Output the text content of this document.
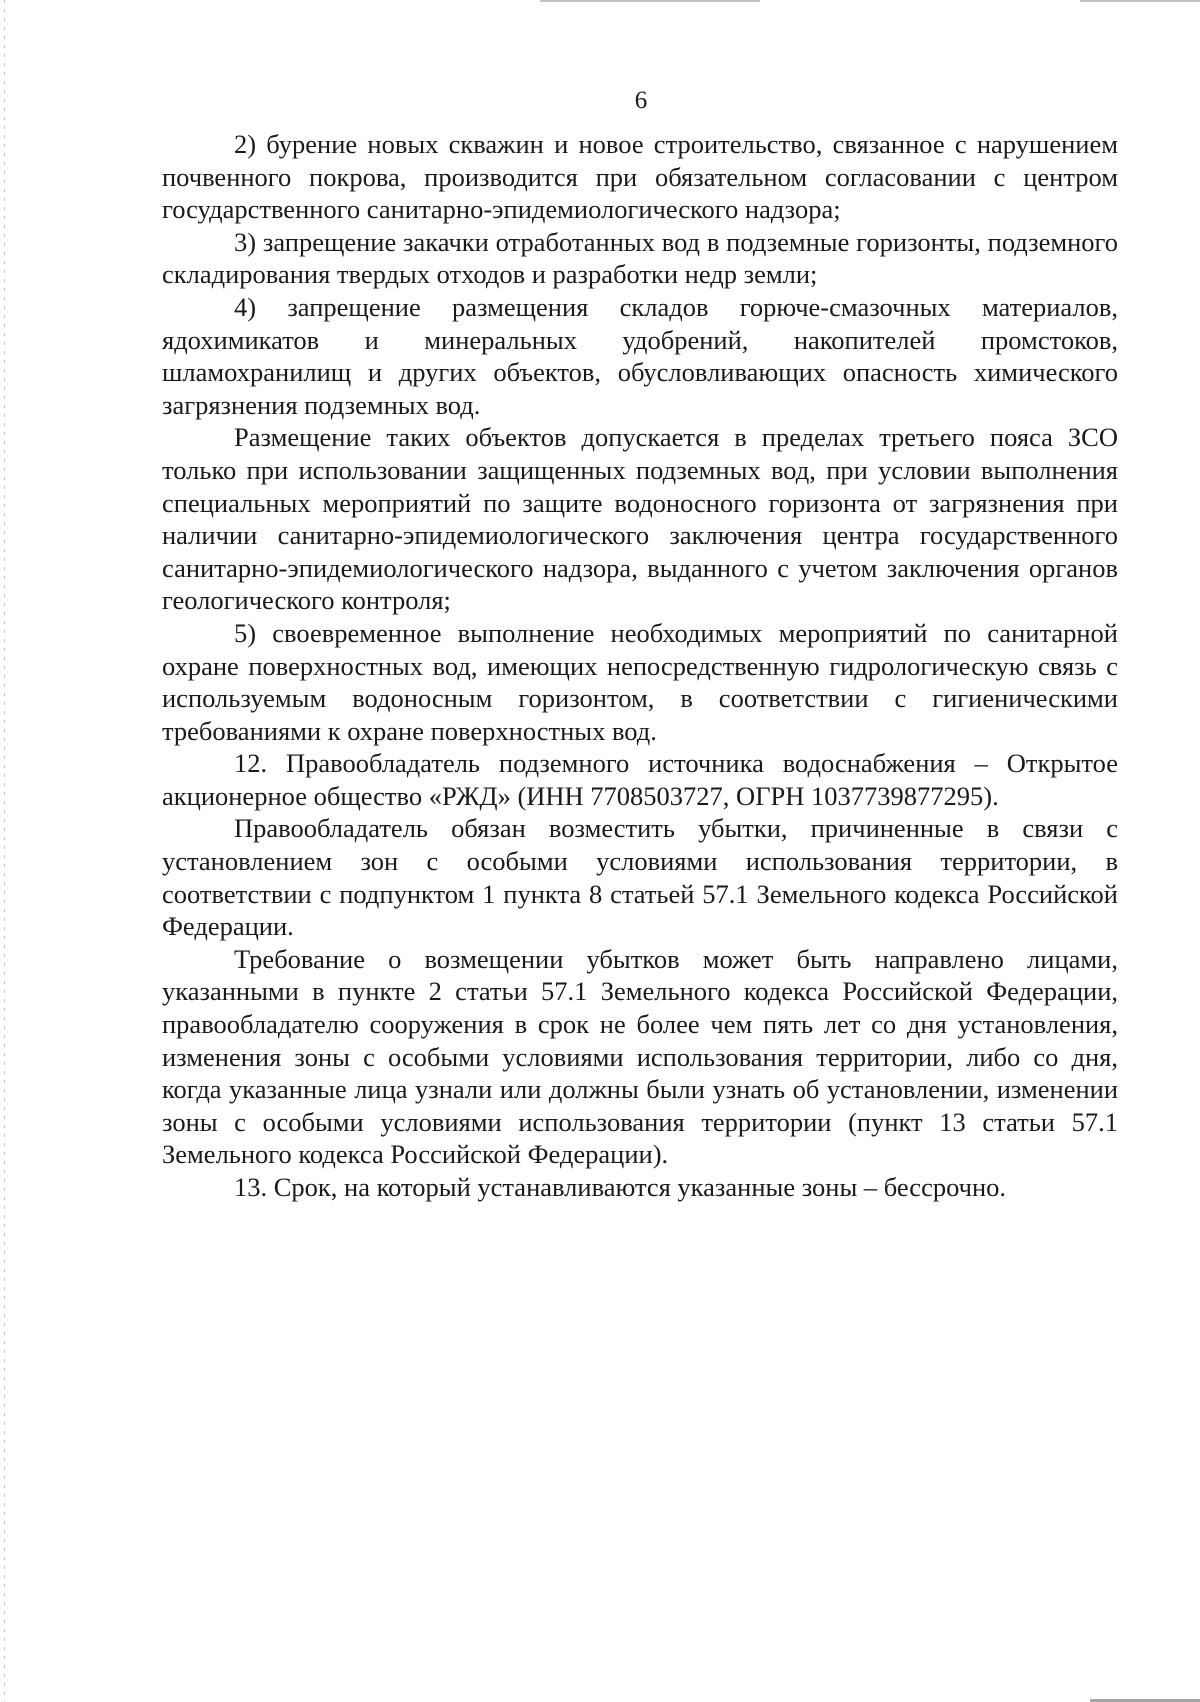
6

2) бурение новых скважин и новое строительство, связанное с нарушением почвенного покрова, производится при обязательном согласовании с центром государственного санитарно-эпидемиологического надзора;

3) запрещение закачки отработанных вод в подземные горизонты, подземного складирования твердых отходов и разработки недр земли;

4) запрещение размещения складов горюче-смазочных материалов, ядохимикатов и минеральных удобрений, накопителей промстоков, шламохранилищ и других объектов, обусловливающих опасность химического загрязнения подземных вод.

Размещение таких объектов допускается в пределах третьего пояса ЗСО только при использовании защищенных подземных вод, при условии выполнения специальных мероприятий по защите водоносного горизонта от загрязнения при наличии санитарно-эпидемиологического заключения центра государственного санитарно-эпидемиологического надзора, выданного с учетом заключения органов геологического контроля;

5) своевременное выполнение необходимых мероприятий по санитарной охране поверхностных вод, имеющих непосредственную гидрологическую связь с используемым водоносным горизонтом, в соответствии с гигиеническими требованиями к охране поверхностных вод.

12. Правообладатель подземного источника водоснабжения – Открытое акционерное общество «РЖД» (ИНН 7708503727, ОГРН 1037739877295).

Правообладатель обязан возместить убытки, причиненные в связи с установлением зон с особыми условиями использования территории, в соответствии с подпунктом 1 пункта 8 статьей 57.1 Земельного кодекса Российской Федерации.

Требование о возмещении убытков может быть направлено лицами, указанными в пункте 2 статьи 57.1 Земельного кодекса Российской Федерации, правообладателю сооружения в срок не более чем пять лет со дня установления, изменения зоны с особыми условиями использования территории, либо со дня, когда указанные лица узнали или должны были узнать об установлении, изменении зоны с особыми условиями использования территории (пункт 13 статьи 57.1 Земельного кодекса Российской Федерации).

13. Срок, на который устанавливаются указанные зоны – бессрочно.
